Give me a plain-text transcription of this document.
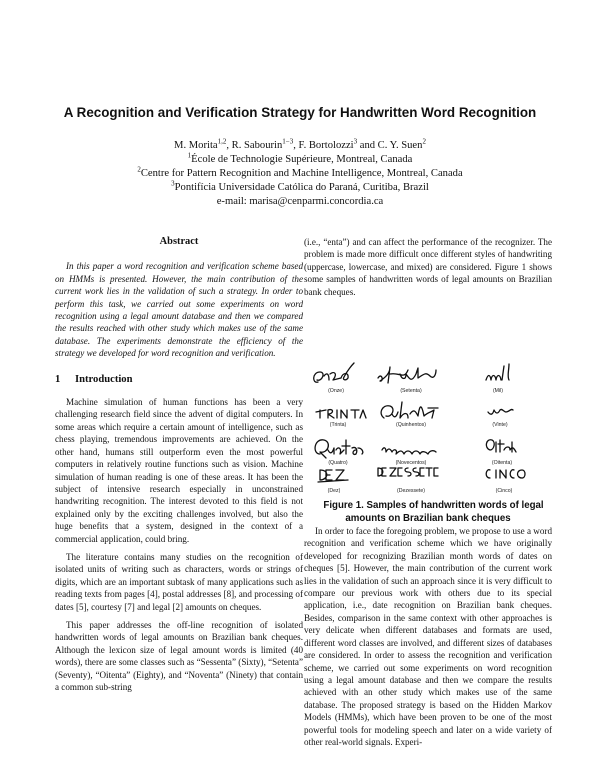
A Recognition and Verification Strategy for Handwritten Word Recognition
M. Morita$^{1,2}$, R. Sabourin$^{1-3}$, F. Bortolozzi$^3$ and C. Y. Suen$^2$
$^1$École de Technologie Supérieure, Montreal, Canada
$^2$Centre for Pattern Recognition and Machine Intelligence, Montreal, Canada
$^3$Pontifícia Universidade Católica do Paraná, Curitiba, Brazil
e-mail: marisa@cenparmi.concordia.ca
Abstract

In this paper a word recognition and verification scheme based on HMMs is presented. However, the main contribution of the current work lies in the validation of such a strategy. In order to perform this task, we carried out some experiments on word recognition using a legal amount database and then we compared the results reached with other study which makes use of the same database. The experiments demonstrate the efficiency of the strategy we developed for word recognition and verification.

1 Introduction

Machine simulation of human functions has been a very challenging research field since the advent of digital computers. In some areas which require a certain amount of intelligence, such as chess playing, tremendous improvements are achieved. On the other hand, humans still outperform even the most powerful computers in relatively routine functions such as vision. Machine simulation of human reading is one of these areas. It has been the subject of intensive research especially in unconstrained handwriting recognition. The interest devoted to this field is not explained only by the exciting challenges involved, but also the huge benefits that a system, designed in the context of a commercial application, could bring.

The literature contains many studies on the recognition of isolated units of writing such as characters, words or strings of digits, which are an important subtask of many applications such as reading texts from pages [4], postal addresses [8], and processing of dates [5], courtesy [7] and legal [2] amounts on cheques.

This paper addresses the off-line recognition of isolated handwritten words of legal amounts on Brazilian bank cheques. Although the lexicon size of legal amount words is limited (40 words), there are some classes such as “Sessenta” (Sixty), “Setenta” (Seventy), “Oitenta” (Eighty), and “Noventa” (Ninety) that contain a common sub-string

(i.e., “enta”) and can affect the performance of the recognizer. The problem is made more difficult once different styles of handwriting (uppercase, lowercase, and mixed) are considered. Figure 1 shows some samples of handwritten words of legal amounts on Brazilian bank cheques.

(Onze)	(Setenta)	(Mil)
(Trinta)	(Quinhentos)	(Vinte)
(Quatro)	(Novecentos)	(Oitenta)
(Dez)	(Dezessete)	(Cinco)

Figure 1. Samples of handwritten words of legal amounts on Brazilian bank cheques

In order to face the foregoing problem, we propose to use a word recognition and verification scheme which we have originally developed for recognizing Brazilian month words of dates on cheques [5]. However, the main contribution of the current work lies in the validation of such an approach since it is very difficult to compare our previous work with others due to its special application, i.e., date recognition on Brazilian bank cheques. Besides, comparison in the same context with other approaches is very delicate when different databases and formats are used, different word classes are involved, and different sizes of databases are considered. In order to assess the recognition and verification scheme, we carried out some experiments on word recognition using a legal amount database and then we compare the results achieved with an other study which makes use of the same database. The proposed strategy is based on the Hidden Markov Models (HMMs), which have been proven to be one of the most powerful tools for modeling speech and later on a wide variety of other real-world signals. Experi-
